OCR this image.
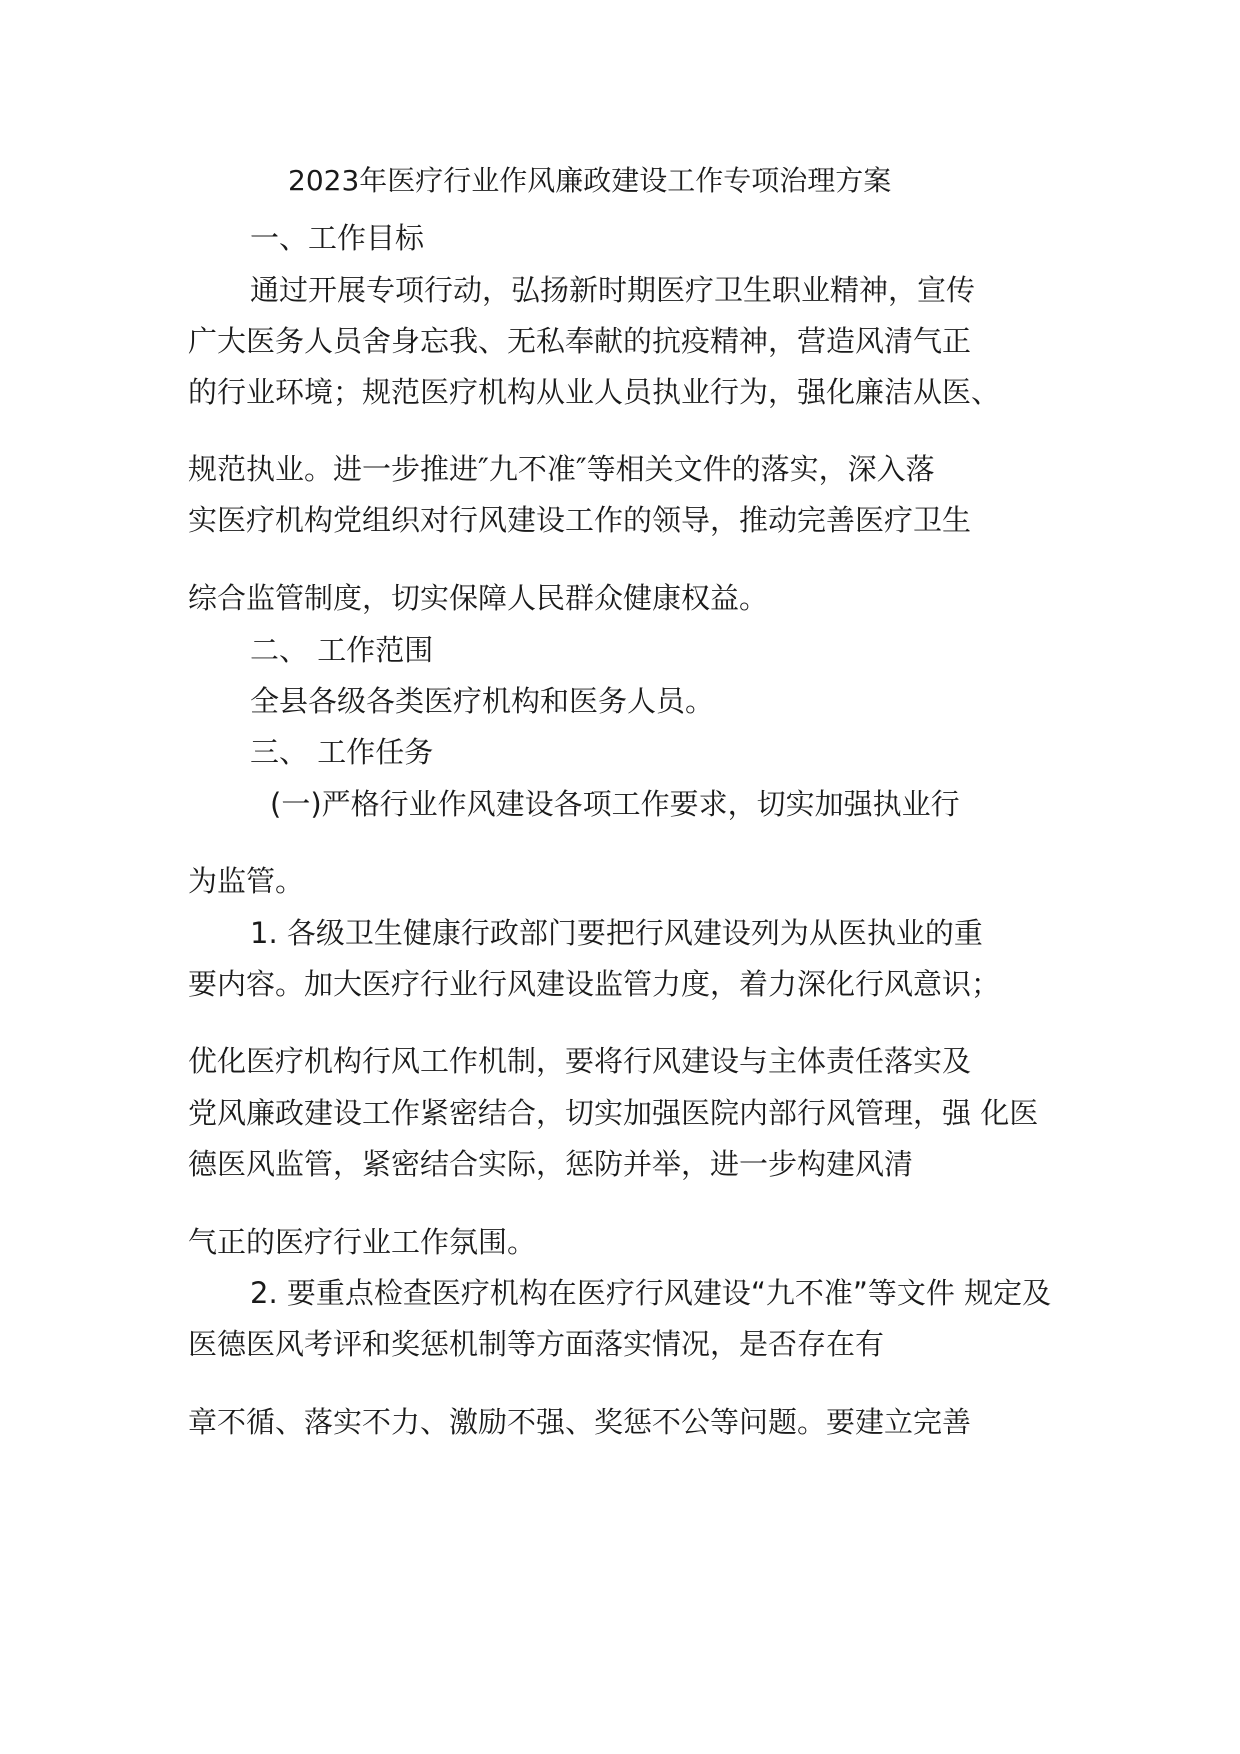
2023年医疗行业作风廉政建设工作专项治理方案
一、工作目标
通过开展专项行动，弘扬新时期医疗卫生职业精神，宣传
广大医务人员舍身忘我、无私奉献的抗疫精神，营造风清气正
的行业环境；规范医疗机构从业人员执业行为，强化廉洁从医、
规范执业。进一步推进″九不准″等相关文件的落实，深入落
实医疗机构党组织对行风建设工作的领导，推动完善医疗卫生
综合监管制度，切实保障人民群众健康权益。
二、 工作范围
全县各级各类医疗机构和医务人员。
三、 工作任务
(一)严格行业作风建设各项工作要求，切实加强执业行
为监管。
1. 各级卫生健康行政部门要把行风建设列为从医执业的重
要内容。加大医疗行业行风建设监管力度，着力深化行风意识；
优化医疗机构行风工作机制，要将行风建设与主体责任落实及
党风廉政建设工作紧密结合，切实加强医院内部行风管理，强 化医
德医风监管，紧密结合实际，惩防并举，进一步构建风清
气正的医疗行业工作氛围。
2. 要重点检查医疗机构在医疗行风建设“九不准”等文件 规定及
医德医风考评和奖惩机制等方面落实情况，是否存在有
章不循、落实不力、激励不强、奖惩不公等问题。要建立完善
